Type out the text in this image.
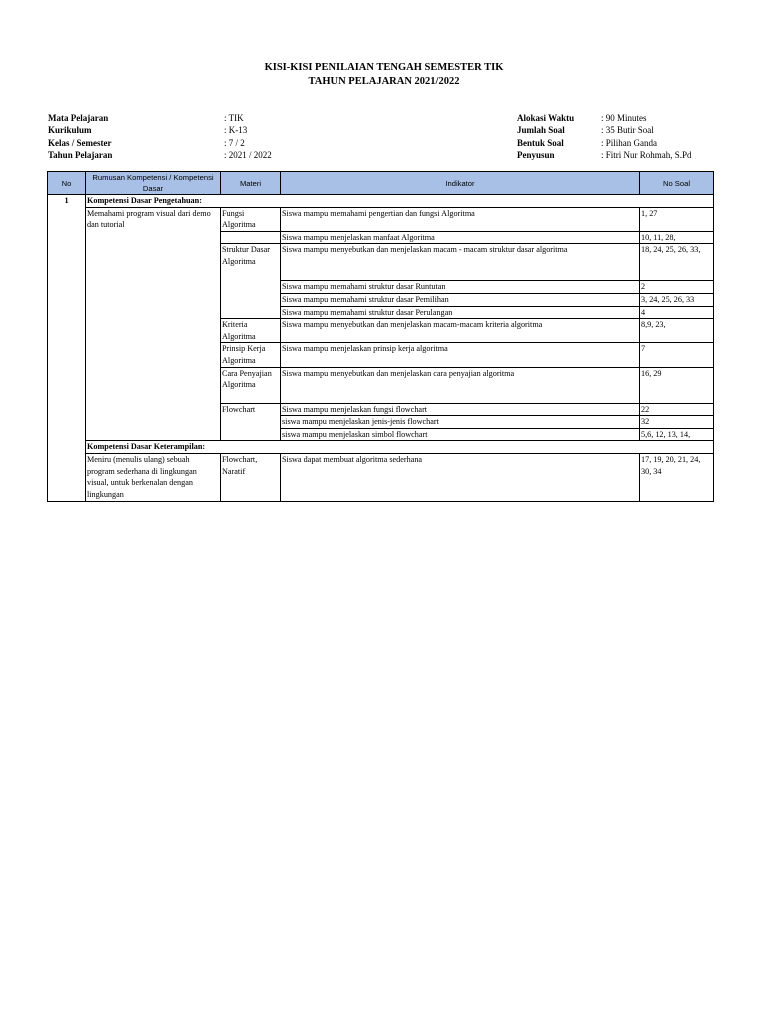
KISI-KISI PENILAIAN TENGAH SEMESTER TIK
TAHUN PELAJARAN 2021/2022
Mata Pelajaran	: TIK
Kurikulum	: K-13
Kelas / Semester	: 7 / 2
Tahun Pelajaran	: 2021 / 2022
Alokasi Waktu	: 90 Minutes
Jumlah Soal	: 35 Butir Soal
Bentuk Soal	: Pilihan Ganda
Penyusun	: Fitri Nur Rohmah, S.Pd
No	Rumusan Kompetensi / Kompetensi Dasar	Materi	Indikator	No Soal
1	Kompetensi Dasar Pengetahuan:			
	Memahami program visual dari demo dan tutorial	Fungsi Algoritma	Siswa mampu memahami pengertian dan fungsi Algoritma	1, 27
			Siswa mampu menjelaskan manfaat Algoritma	10, 11, 28,
		Struktur Dasar Algoritma	Siswa mampu menyebutkan dan menjelaskan macam - macam struktur dasar algoritma	18, 24, 25, 26, 33,
			Siswa mampu memahami struktur dasar Runtutan	2
			Siswa mampu memahami struktur dasar Pemilihan	3, 24, 25, 26, 33
			Siswa mampu memahami struktur dasar Perulangan	4
		Kriteria Algoritma	Siswa mampu menyebutkan dan menjelaskan macam-macam kriteria algoritma	8,9, 23,
		Prinsip Kerja Algoritma	Siswa mampu menjelaskan prinsip kerja algoritma	7
		Cara Penyajian Algoritma	Siswa mampu menyebutkan dan menjelaskan cara penyajian algoritma	16, 29
		Flowchart	Siswa mampu menjelaskan fungsi flowchart	22
			siswa mampu menjelaskan jenis-jenis flowchart	32
			siswa mampu menjelaskan simbol flowchart	5,6, 12, 13, 14,
	Kompetensi Dasar Keterampilan:			
	Meniru (menulis ulang) sebuah program sederhana di lingkungan visual, untuk berkenalan dengan lingkungan	Flowchart, Naratif	Siswa dapat membuat algoritma sederhana	17, 19, 20, 21, 24, 30, 34
